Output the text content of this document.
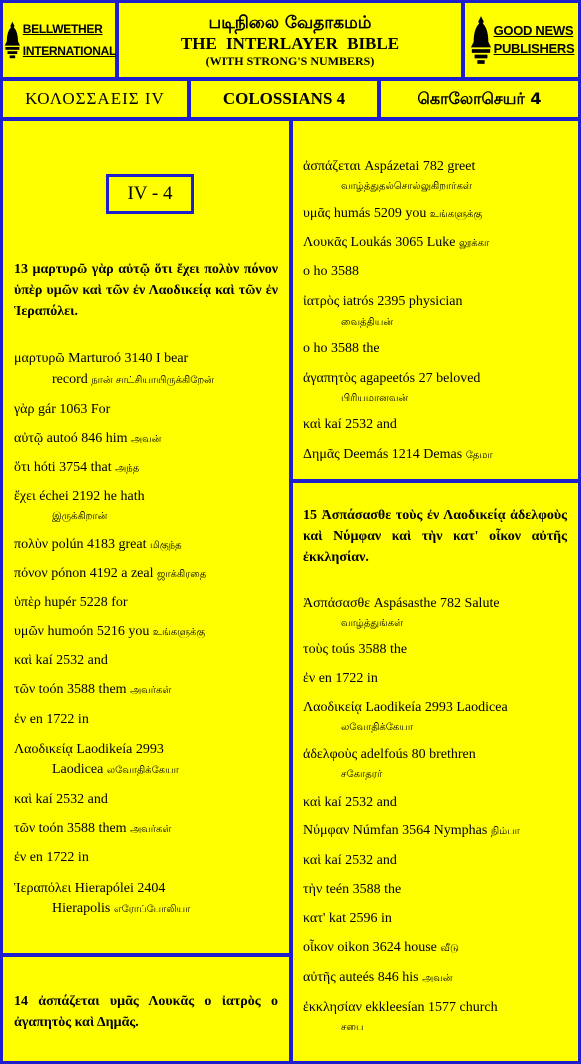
BELLWETHER
INTERNATIONAL
படிநிலை வேதாகமம்
THE INTERLAYER BIBLE
(WITH STRONG'S NUMBERS)
GOOD NEWS
PUBLISHERS
ΚΟΛΟΣΣΑΕΙΣ IV	COLOSSIANS 4	கொலோசெயர் 4
IV - 4
13 μαρτυρῶ γὰρ αὐτῷ ὅτι ἔχει πολὺν πόνον ὑπὲρ υμῶν καὶ τῶν ἐν Λαοδικείᾳ καὶ τῶν ἐν Ἱεραπόλει.
μαρτυρῶ Marturoó 3140 I bear
record நான் சாட்சியாயிருக்கிறேன்
γὰρ gár 1063 For
αὐτῷ autoó 846 him அவன்
ὅτι hóti 3754 that அந்த
ἔχει échei 2192 he hath
இருக்கிறான்
πολὺν polún 4183 great மிகுந்த
πόνον pónon 4192 a zeal ஜாக்கிரதை
ὑπὲρ hupér 5228 for
υμῶν humoón 5216 you உங்களுக்கு
καὶ kaí 2532 and
τῶν toón 3588 them அவர்கள்
ἐν en 1722 in
Λαοδικείᾳ Laodikeía 2993
Laodicea லவோதிக்கேயா
καὶ kaí 2532 and
τῶν toón 3588 them அவர்கள்
ἐν en 1722 in
Ἱεραπόλει Hierapólei 2404
Hierapolis எரோப்போலியா
14 ἀσπάζεται υμᾶς Λουκᾶς ο ἰατρὸς ο ἀγαπητὸς καὶ Δημᾶς.
ἀσπάζεται Aspázetai 782 greet
வாழ்த்துதல்சொல்லுகிறார்கள்
υμᾶς humás 5209 you உங்களுக்கு
Λουκᾶς Loukás 3065 Luke லூக்கா
ο ho 3588
ἰατρὸς iatrós 2395 physician
வைத்தியன்
ο ho 3588 the
ἀγαπητὸς agapeetós 27 beloved
பிரியமானவன்
καὶ kaí 2532 and
Δημᾶς Deemás 1214 Demas தேமா
15 Ἀσπάσασθε τοὺς ἐν Λαοδικείᾳ ἀδελφοὺς καὶ Νύμφαν καὶ τὴν κατ' οἶκον αὐτῆς ἐκκλησίαν.
Ἀσπάσασθε Aspásasthe 782 Salute
வாழ்த்துங்கள்
τοὺς toús 3588 the
ἐν en 1722 in
Λαοδικείᾳ Laodikeía 2993 Laodicea
லவோதிக்கேயா
ἀδελφοὺς adelfoús 80 brethren
சகோதரர்
καὶ kaí 2532 and
Νύμφαν Númfan 3564 Nymphas நிம்பா
καὶ kaí 2532 and
τὴν teén 3588 the
κατ' kat 2596 in
οἶκον oikon 3624 house வீடு
αὐτῆς auteés 846 his அவன்
ἐκκλησίαν ekkleesían 1577 church
சபை
